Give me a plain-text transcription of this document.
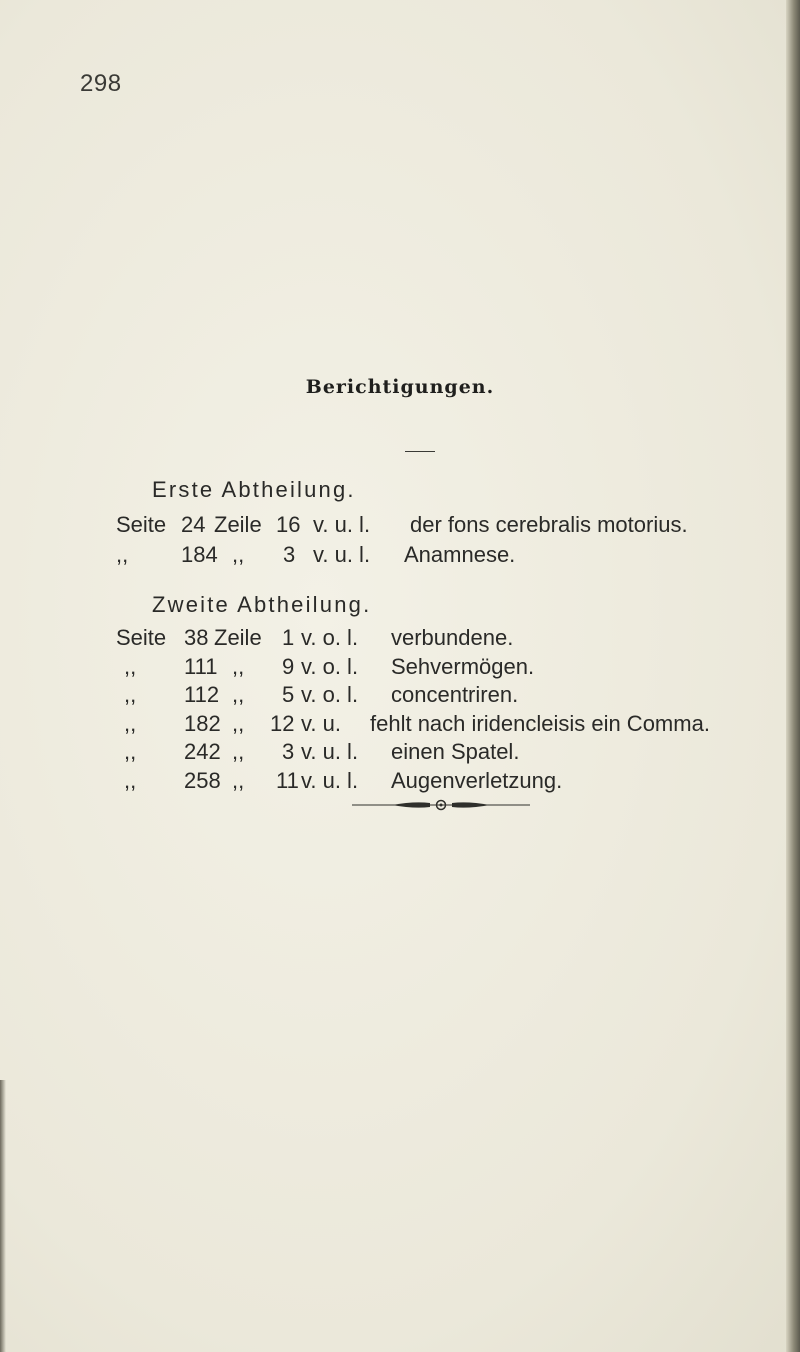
298
Berichtigungen.
Erste Abtheilung.

Seite

24

Zeile

16

v. u. l.

der fons cerebralis motorius.

,,

184

,,

3

v. u. l.

Anamnese.

Zweite Abtheilung.

Seite

38

Zeile

1

v. o. l.

verbundene.

,,

111

,,

9

v. o. l.

Sehvermögen.

,,

112

,,

5

v. o. l.

concentriren.

,,

182

,,

12

v. u.

fehlt nach iridencleisis ein Comma.

,,

242

,,

3

v. u. l.

einen Spatel.

,,

258

,,

11

v. u. l.

Augenverletzung.
